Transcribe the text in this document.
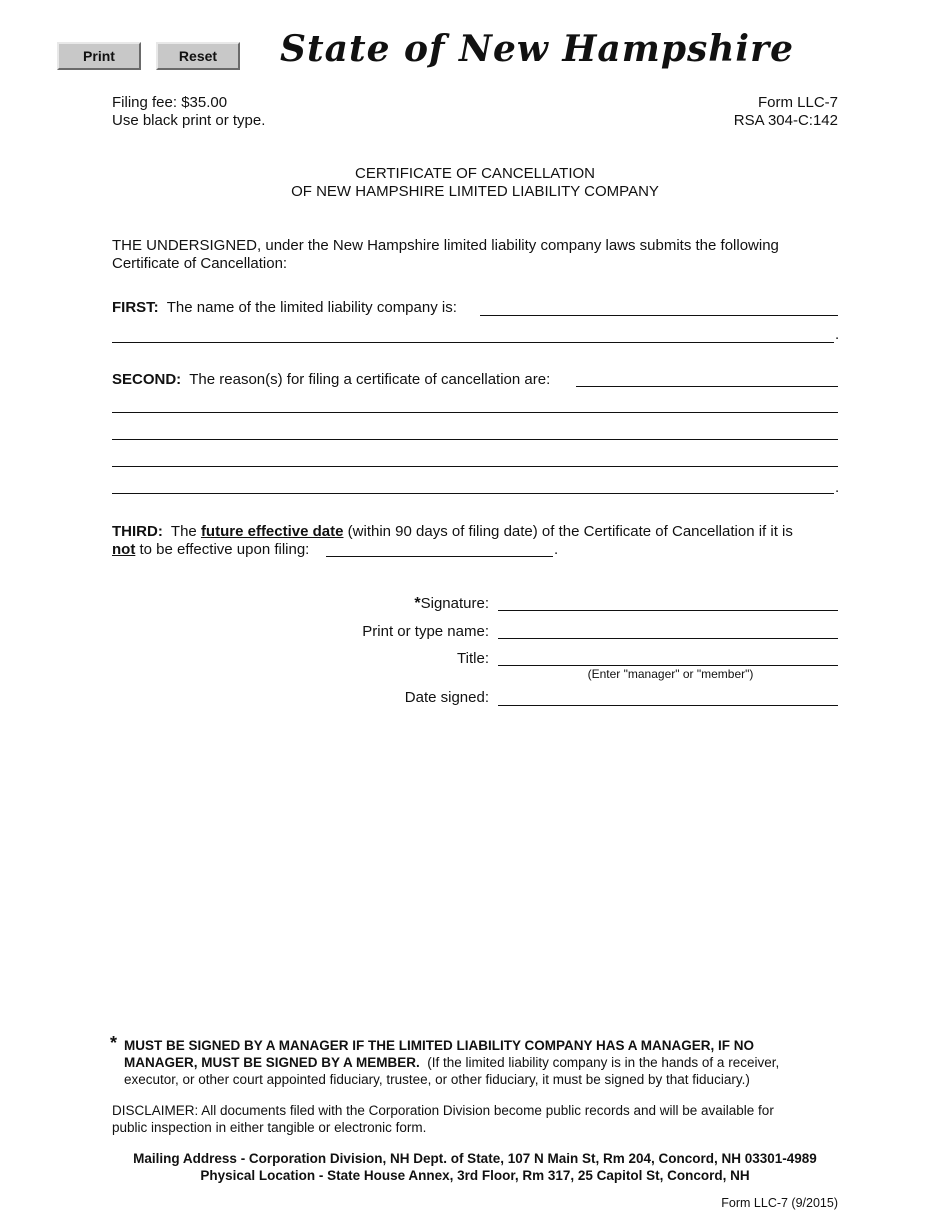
Print	Reset	State of New Hampshire
Filing fee: $35.00
Use black print or type.
Form LLC-7
RSA 304-C:142
CERTIFICATE OF CANCELLATION
OF NEW HAMPSHIRE LIMITED LIABILITY COMPANY
THE UNDERSIGNED, under the New Hampshire limited liability company laws submits the following
Certificate of Cancellation:
FIRST: The name of the limited liability company is:
.
SECOND: The reason(s) for filing a certificate of cancellation are:
.
THIRD: The future effective date (within 90 days of filing date) of the Certificate of Cancellation if it is
not to be effective upon filing:	.
*Signature:
Print or type name:
Title:
(Enter "manager" or "member")
Date signed:
* MUST BE SIGNED BY A MANAGER IF THE LIMITED LIABILITY COMPANY HAS A MANAGER, IF NO
MANAGER, MUST BE SIGNED BY A MEMBER. (If the limited liability company is in the hands of a receiver,
executor, or other court appointed fiduciary, trustee, or other fiduciary, it must be signed by that fiduciary.)
DISCLAIMER: All documents filed with the Corporation Division become public records and will be available for
public inspection in either tangible or electronic form.
Mailing Address - Corporation Division, NH Dept. of State, 107 N Main St, Rm 204, Concord, NH 03301-4989
Physical Location - State House Annex, 3rd Floor, Rm 317, 25 Capitol St, Concord, NH
Form LLC-7 (9/2015)
